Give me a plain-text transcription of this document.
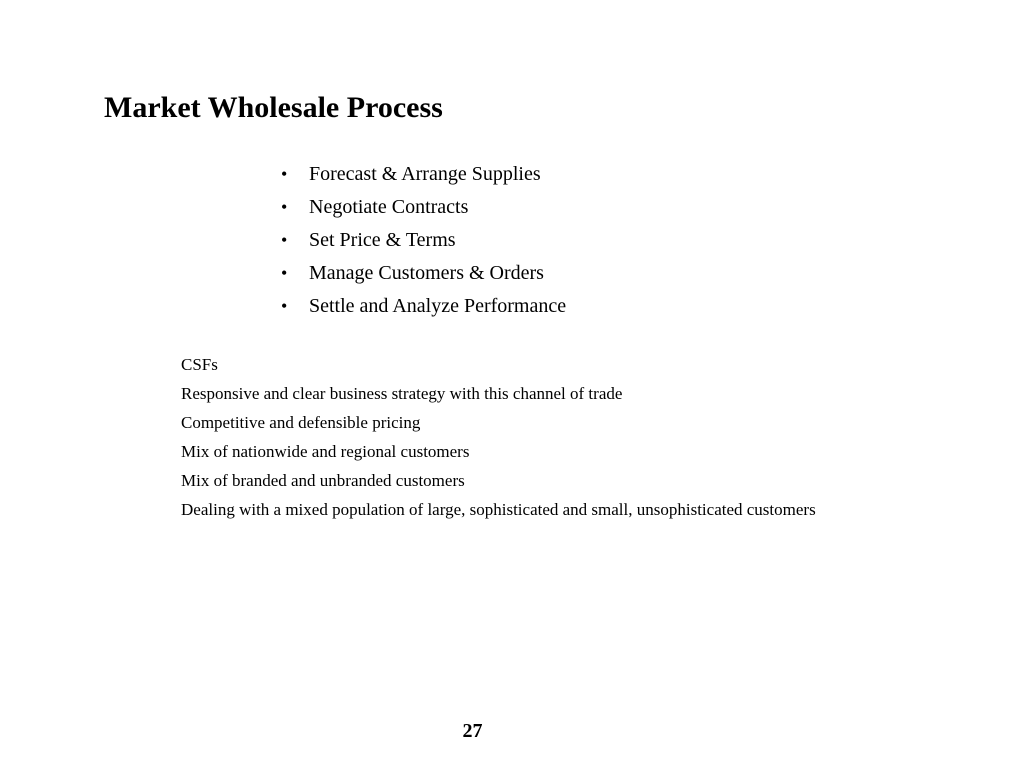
Market Wholesale Process
• Forecast & Arrange Supplies
• Negotiate Contracts
• Set Price & Terms
• Manage Customers & Orders
• Settle and Analyze Performance
CSFs
Responsive and clear business strategy with this channel of trade
Competitive and defensible pricing
Mix of nationwide and regional customers
Mix of branded and unbranded customers
Dealing with a mixed population of large, sophisticated and small, unsophisticated customers
27
